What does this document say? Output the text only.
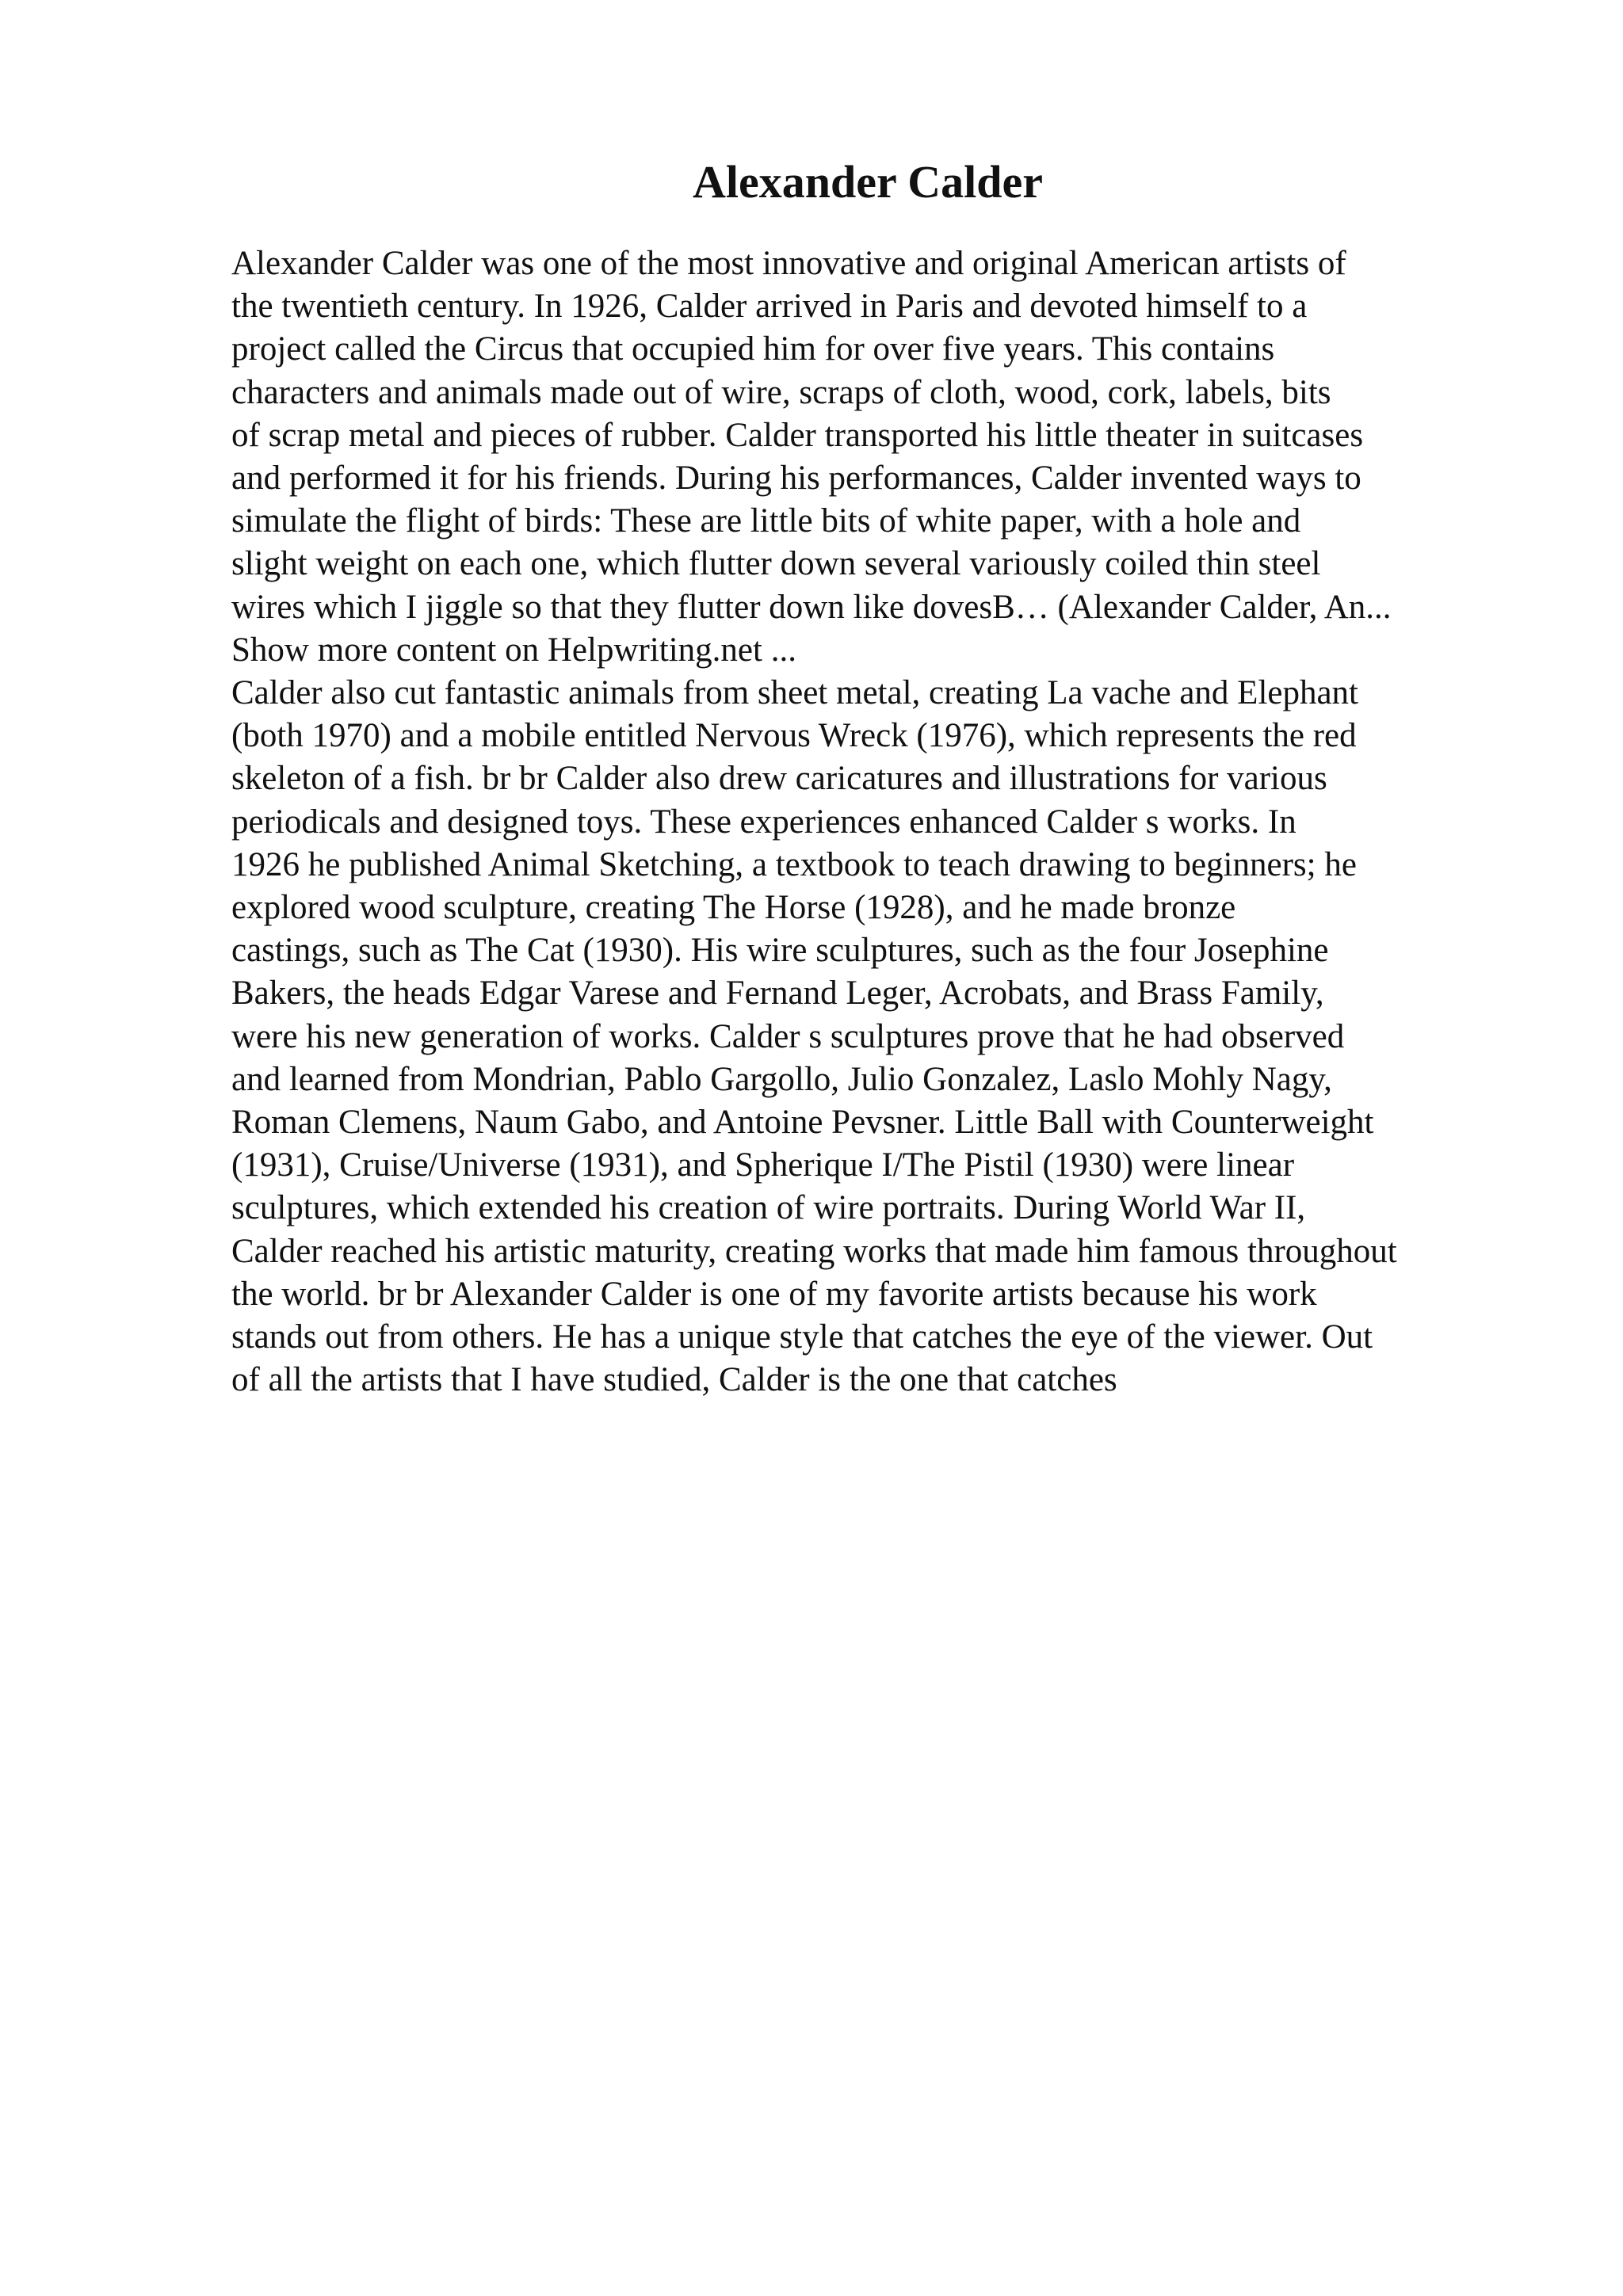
Alexander Calder
Alexander Calder was one of the most innovative and original American artists of
the twentieth century. In 1926, Calder arrived in Paris and devoted himself to a
project called the Circus that occupied him for over five years. This contains
characters and animals made out of wire, scraps of cloth, wood, cork, labels, bits
of scrap metal and pieces of rubber. Calder transported his little theater in suitcases
and performed it for his friends. During his performances, Calder invented ways to
simulate the flight of birds: These are little bits of white paper, with a hole and
slight weight on each one, which flutter down several variously coiled thin steel
wires which I jiggle so that they flutter down like dovesВ… (Alexander Calder, An...
Show more content on Helpwriting.net ...
Calder also cut fantastic animals from sheet metal, creating La vache and Elephant
(both 1970) and a mobile entitled Nervous Wreck (1976), which represents the red
skeleton of a fish. br br Calder also drew caricatures and illustrations for various
periodicals and designed toys. These experiences enhanced Calder s works. In
1926 he published Animal Sketching, a textbook to teach drawing to beginners; he
explored wood sculpture, creating The Horse (1928), and he made bronze
castings, such as The Cat (1930). His wire sculptures, such as the four Josephine
Bakers, the heads Edgar Varese and Fernand Leger, Acrobats, and Brass Family,
were his new generation of works. Calder s sculptures prove that he had observed
and learned from Mondrian, Pablo Gargollo, Julio Gonzalez, Laslo Mohly Nagy,
Roman Clemens, Naum Gabo, and Antoine Pevsner. Little Ball with Counterweight
(1931), Cruise/Universe (1931), and Spherique I/The Pistil (1930) were linear
sculptures, which extended his creation of wire portraits. During World War II,
Calder reached his artistic maturity, creating works that made him famous throughout
the world. br br Alexander Calder is one of my favorite artists because his work
stands out from others. He has a unique style that catches the eye of the viewer. Out
of all the artists that I have studied, Calder is the one that catches
